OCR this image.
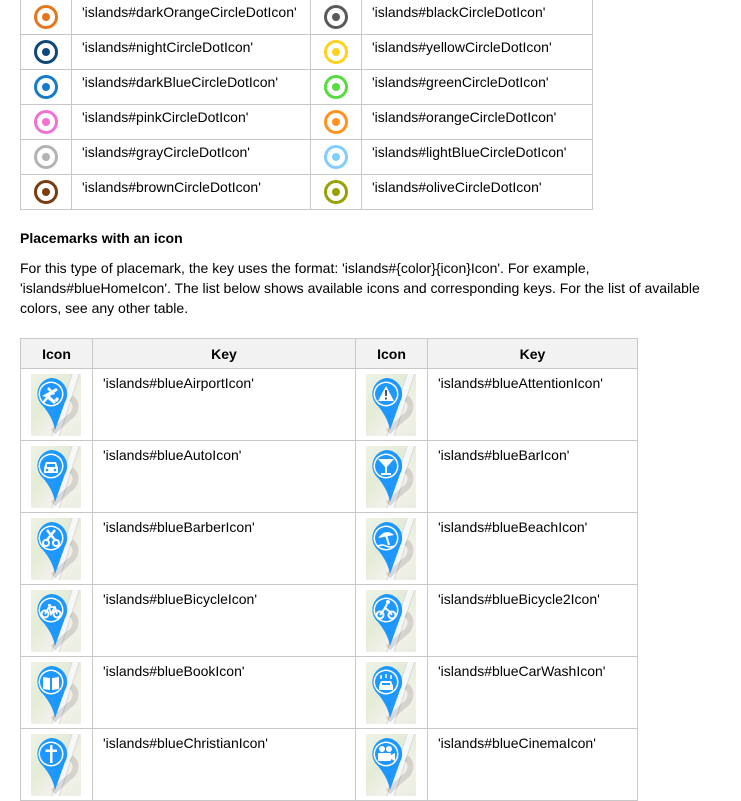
	'islands#darkOrangeCircleDotIcon'		'islands#blackCircleDotIcon'

	'islands#nightCircleDotIcon'		'islands#yellowCircleDotIcon'

	'islands#darkBlueCircleDotIcon'		'islands#greenCircleDotIcon'

	'islands#pinkCircleDotIcon'		'islands#orangeCircleDotIcon'

	'islands#grayCircleDotIcon'		'islands#lightBlueCircleDotIcon'

	'islands#brownCircleDotIcon'		'islands#oliveCircleDotIcon'
Placemarks with an icon

For this type of placemark, the key uses the format: 'islands#{color}{icon}Icon'. For example, 'islands#blueHomeIcon'. The list below shows available icons and corresponding keys. For the list of available colors, see any other table.

Icon	Key	Icon	Key

	'islands#blueAirportIcon'		'islands#blueAttentionIcon'

	'islands#blueAutoIcon'		'islands#blueBarIcon'

	'islands#blueBarberIcon'		'islands#blueBeachIcon'

	'islands#blueBicycleIcon'		'islands#blueBicycle2Icon'

	'islands#blueBookIcon'		'islands#blueCarWashIcon'

	'islands#blueChristianIcon'		'islands#blueCinemaIcon'
